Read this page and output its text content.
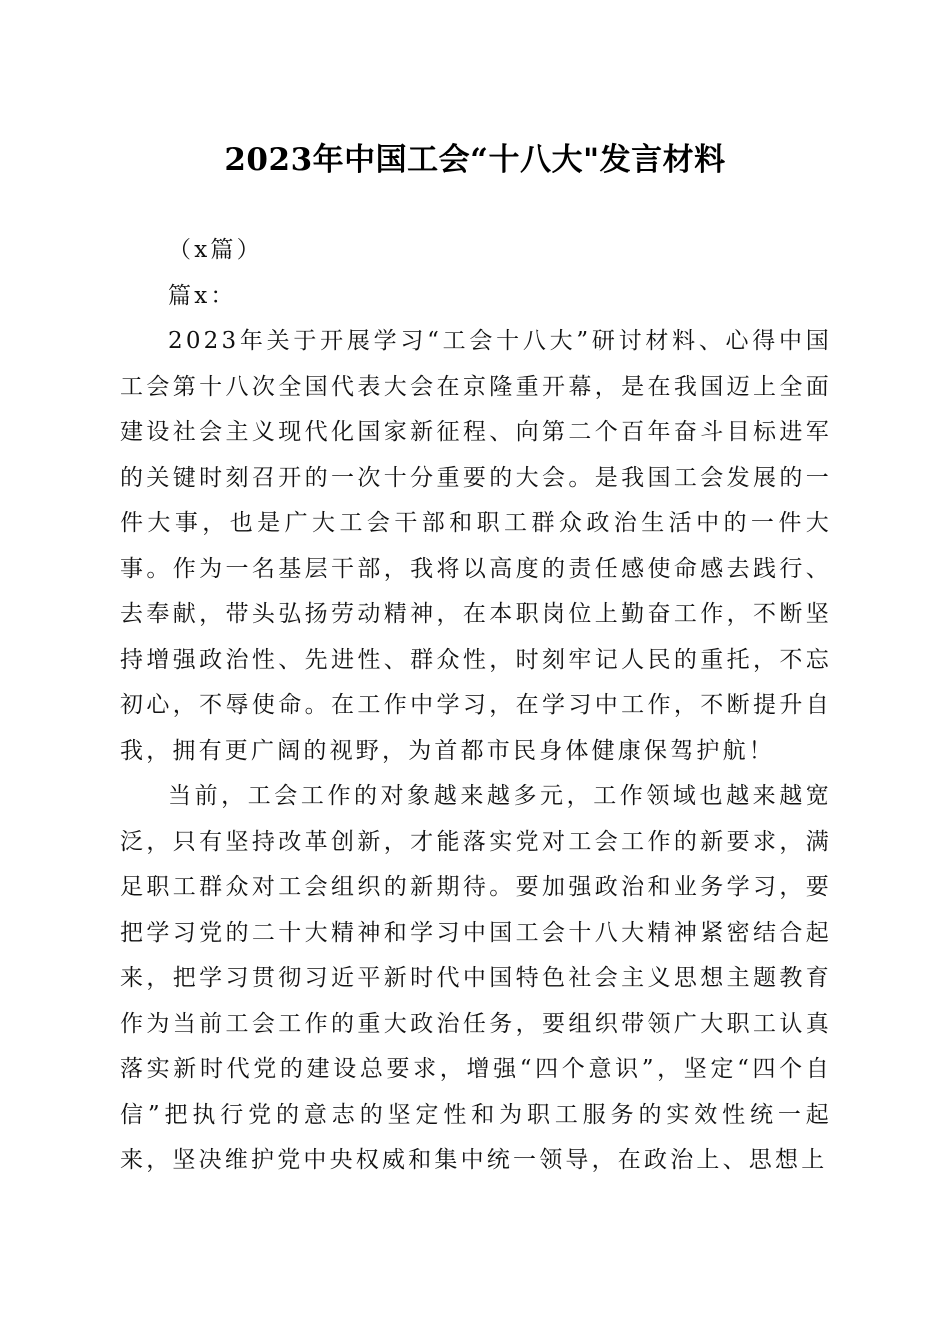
2023年中国工会“十八大"发言材料

（x篇）

篇x：

2023年关于开展学习“工会十八大”研讨材料、心得中国工会第十八次全国代表大会在京隆重开幕，是在我国迈上全面建设社会主义现代化国家新征程、向第二个百年奋斗目标进军的关键时刻召开的一次十分重要的大会。是我国工会发展的一件大事，也是广大工会干部和职工群众政治生活中的一件大事。作为一名基层干部，我将以高度的责任感使命感去践行、去奉献，带头弘扬劳动精神，在本职岗位上勤奋工作，不断坚持增强政治性、先进性、群众性，时刻牢记人民的重托，不忘初心，不辱使命。在工作中学习，在学习中工作，不断提升自我，拥有更广阔的视野，为首都市民身体健康保驾护航！

当前，工会工作的对象越来越多元，工作领域也越来越宽泛，只有坚持改革创新，才能落实党对工会工作的新要求，满足职工群众对工会组织的新期待。要加强政治和业务学习，要把学习党的二十大精神和学习中国工会十八大精神紧密结合起来，把学习贯彻习近平新时代中国特色社会主义思想主题教育作为当前工会工作的重大政治任务，要组织带领广大职工认真落实新时代党的建设总要求，增强“四个意识”，坚定“四个自信”把执行党的意志的坚定性和为职工服务的实效性统一起来，坚决维护党中央权威和集中统一领导，在政治上、思想上
